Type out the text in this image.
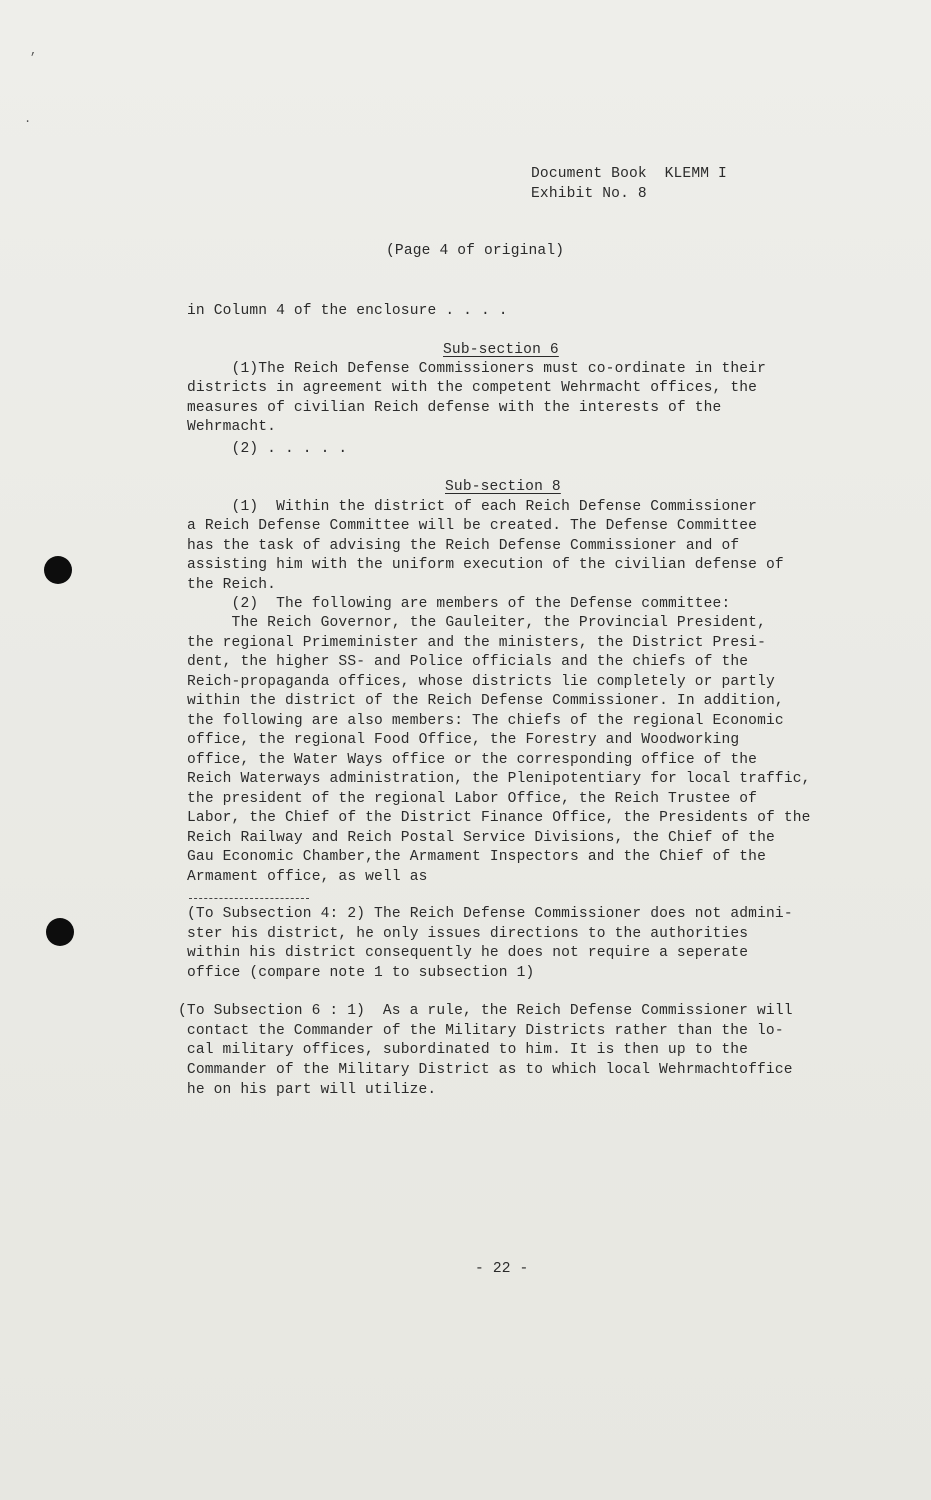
,
.
Document Book  KLEMM I
Exhibit No. 8
(Page 4 of original)
in Column 4 of the enclosure . . . .
Sub-section 6
(1)The Reich Defense Commissioners must co-ordinate in their
districts in agreement with the competent Wehrmacht offices, the
measures of civilian Reich defense with the interests of the
Wehrmacht.
(2) . . . . .
Sub-section 8
(1)  Within the district of each Reich Defense Commissioner
a Reich Defense Committee will be created. The Defense Committee
has the task of advising the Reich Defense Commissioner and of
assisting him with the uniform execution of the civilian defense of
the Reich.
(2)  The following are members of the Defense committee:
The Reich Governor, the Gauleiter, the Provincial President,
the regional Primeminister and the ministers, the District Presi-
dent, the higher SS- and Police officials and the chiefs of the
Reich-propaganda offices, whose districts lie completely or partly
within the district of the Reich Defense Commissioner. In addition,
the following are also members: The chiefs of the regional Economic
office, the regional Food Office, the Forestry and Woodworking
office, the Water Ways office or the corresponding office of the
Reich Waterways administration, the Plenipotentiary for local traffic,
the president of the regional Labor Office, the Reich Trustee of
Labor, the Chief of the District Finance Office, the Presidents of the
Reich Railway and Reich Postal Service Divisions, the Chief of the
Gau Economic Chamber,the Armament Inspectors and the Chief of the
Armament office, as well as
(To Subsection 4: 2) The Reich Defense Commissioner does not admini-
ster his district, he only issues directions to the authorities
within his district consequently he does not require a seperate
office (compare note 1 to subsection 1)
(To Subsection 6 : 1)  As a rule, the Reich Defense Commissioner will
contact the Commander of the Military Districts rather than the lo-
cal military offices, subordinated to him. It is then up to the
Commander of the Military District as to which local Wehrmachtoffice
he on his part will utilize.
- 22 -
